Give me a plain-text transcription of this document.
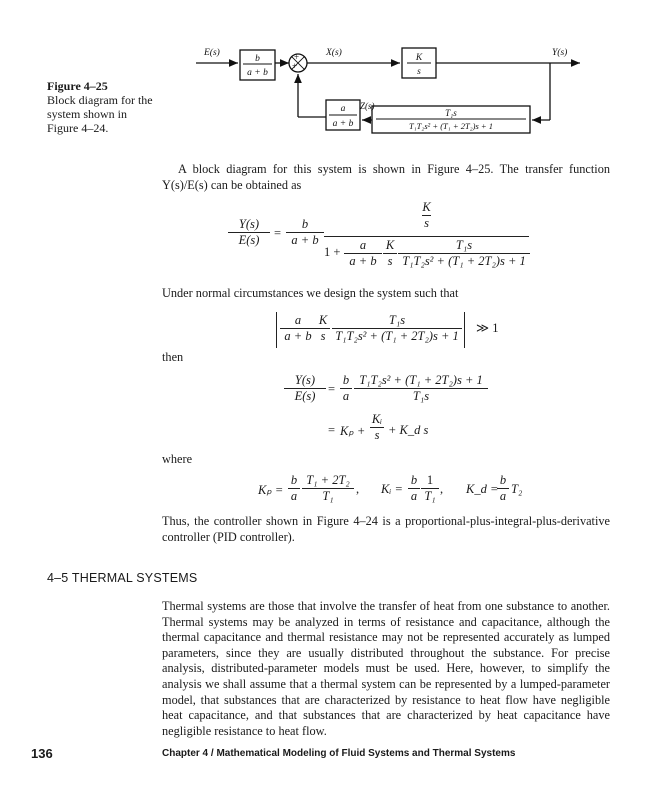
E(s)
b
a + b
+
+
X(s)	K
s
Y(s)
Z(s)
a
a + b
T₁s
T₁T₂s² + (T₁ + 2T₂)s + 1
Figure 4–25
Block diagram for the system shown in Figure 4–24.
A block diagram for this system is shown in Figure 4–25. The transfer function Y(s)/E(s) can be obtained as
$\frac{Y(s)}{E(s)}$ =
b
a + b
$\frac{K}{s}$
1 +	a
a + b
K
s
T₁s
T₁T₂s² + (T₁ + 2T₂)s + 1
Under normal circumstances we design the system such that
a
a + b
K
s
T₁s
T₁T₂s² + (T₁ + 2T₂)s + 1
≫ 1
then
$\frac{Y(s)}{E(s)}$ =
b
a
T₁T₂s² + (T₁ + 2T₂)s + 1
T₁s
= Kₚ +
Kᵢ
s + K_d s
where
Kₚ =
b
a
T₁ + 2T₂
T₁	, Kᵢ =
b
a
1
T₁ , K_d =
b
a T₂
Thus, the controller shown in Figure 4–24 is a proportional-plus-integral-plus-derivative controller (PID controller).
4–5 THERMAL SYSTEMS
Thermal systems are those that involve the transfer of heat from one substance to another. Thermal systems may be analyzed in terms of resistance and capacitance, although the thermal capacitance and thermal resistance may not be represented accurately as lumped parameters, since they are usually distributed throughout the substance. For precise analysis, distributed-parameter models must be used. Here, however, to simplify the analysis we shall assume that a thermal system can be represented by a lumped-parameter model, that substances that are characterized by resistance to heat flow have negligible heat capacitance, and that substances that are characterized by heat capacitance have negligible resistance to heat flow.
136	Chapter 4 / Mathematical Modeling of Fluid Systems and Thermal Systems
